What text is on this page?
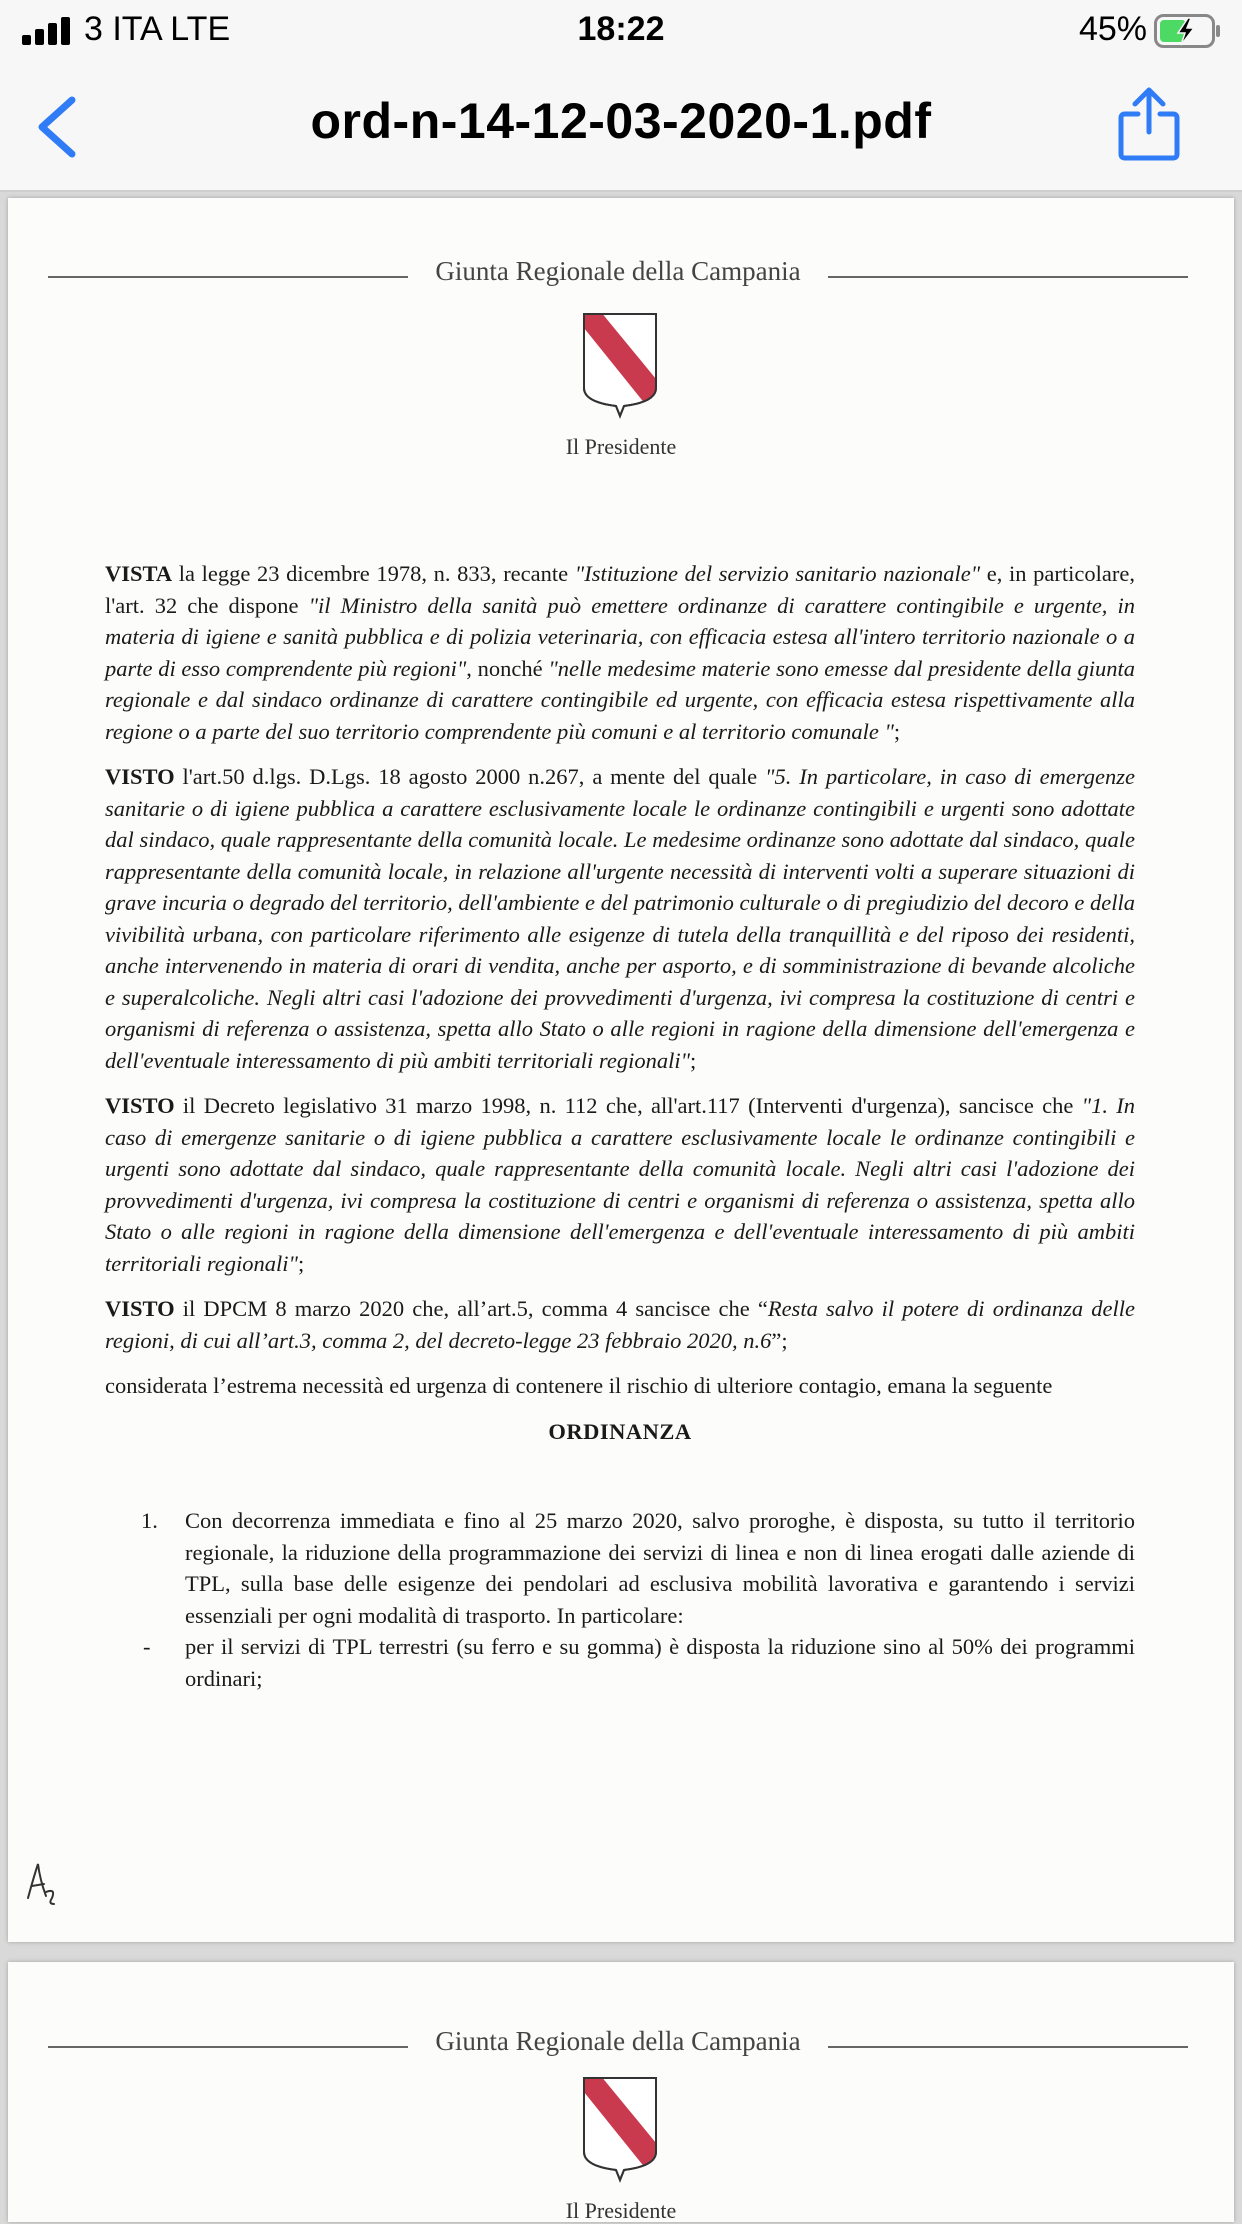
3 ITA LTE	18:22	45%
ord-n-14-12-03-2020-1.pdf
Giunta Regionale della Campania
Il Presidente

VISTA la legge 23 dicembre 1978, n. 833, recante "Istituzione del servizio sanitario nazionale" e, in particolare, l'art. 32 che dispone "il Ministro della sanità può emettere ordinanze di carattere contingibile e urgente, in materia di igiene e sanità pubblica e di polizia veterinaria, con efficacia estesa all'intero territorio nazionale o a parte di esso comprendente più regioni", nonché "nelle medesime materie sono emesse dal presidente della giunta regionale e dal sindaco ordinanze di carattere contingibile ed urgente, con efficacia estesa rispettivamente alla regione o a parte del suo territorio comprendente più comuni e al territorio comunale ";

VISTO l'art.50 d.lgs. D.Lgs. 18 agosto 2000 n.267, a mente del quale "5. In particolare, in caso di emergenze sanitarie o di igiene pubblica a carattere esclusivamente locale le ordinanze contingibili e urgenti sono adottate dal sindaco, quale rappresentante della comunità locale. Le medesime ordinanze sono adottate dal sindaco, quale rappresentante della comunità locale, in relazione all'urgente necessità di interventi volti a superare situazioni di grave incuria o degrado del territorio, dell'ambiente e del patrimonio culturale o di pregiudizio del decoro e della vivibilità urbana, con particolare riferimento alle esigenze di tutela della tranquillità e del riposo dei residenti, anche intervenendo in materia di orari di vendita, anche per asporto, e di somministrazione di bevande alcoliche e superalcoliche. Negli altri casi l'adozione dei provvedimenti d'urgenza, ivi compresa la costituzione di centri e organismi di referenza o assistenza, spetta allo Stato o alle regioni in ragione della dimensione dell'emergenza e dell'eventuale interessamento di più ambiti territoriali regionali";

VISTO il Decreto legislativo 31 marzo 1998, n. 112 che, all'art.117 (Interventi d'urgenza), sancisce che "1. In caso di emergenze sanitarie o di igiene pubblica a carattere esclusivamente locale le ordinanze contingibili e urgenti sono adottate dal sindaco, quale rappresentante della comunità locale. Negli altri casi l'adozione dei provvedimenti d'urgenza, ivi compresa la costituzione di centri e organismi di referenza o assistenza, spetta allo Stato o alle regioni in ragione della dimensione dell'emergenza e dell'eventuale interessamento di più ambiti territoriali regionali";

VISTO il DPCM 8 marzo 2020 che, all’art.5, comma 4 sancisce che “Resta salvo il potere di ordinanza delle regioni, di cui all’art.3, comma 2, del decreto-legge 23 febbraio 2020, n.6”;

considerata l’estrema necessità ed urgenza di contenere il rischio di ulteriore contagio, emana la seguente

ORDINANZA

1. Con decorrenza immediata e fino al 25 marzo 2020, salvo proroghe, è disposta, su tutto il territorio regionale, la riduzione della programmazione dei servizi di linea e non di linea erogati dalle aziende di TPL, sulla base delle esigenze dei pendolari ad esclusiva mobilità lavorativa e garantendo i servizi essenziali per ogni modalità di trasporto. In particolare:
- per il servizi di TPL terrestri (su ferro e su gomma) è disposta la riduzione sino al 50% dei programmi ordinari;
Giunta Regionale della Campania
Il Presidente
